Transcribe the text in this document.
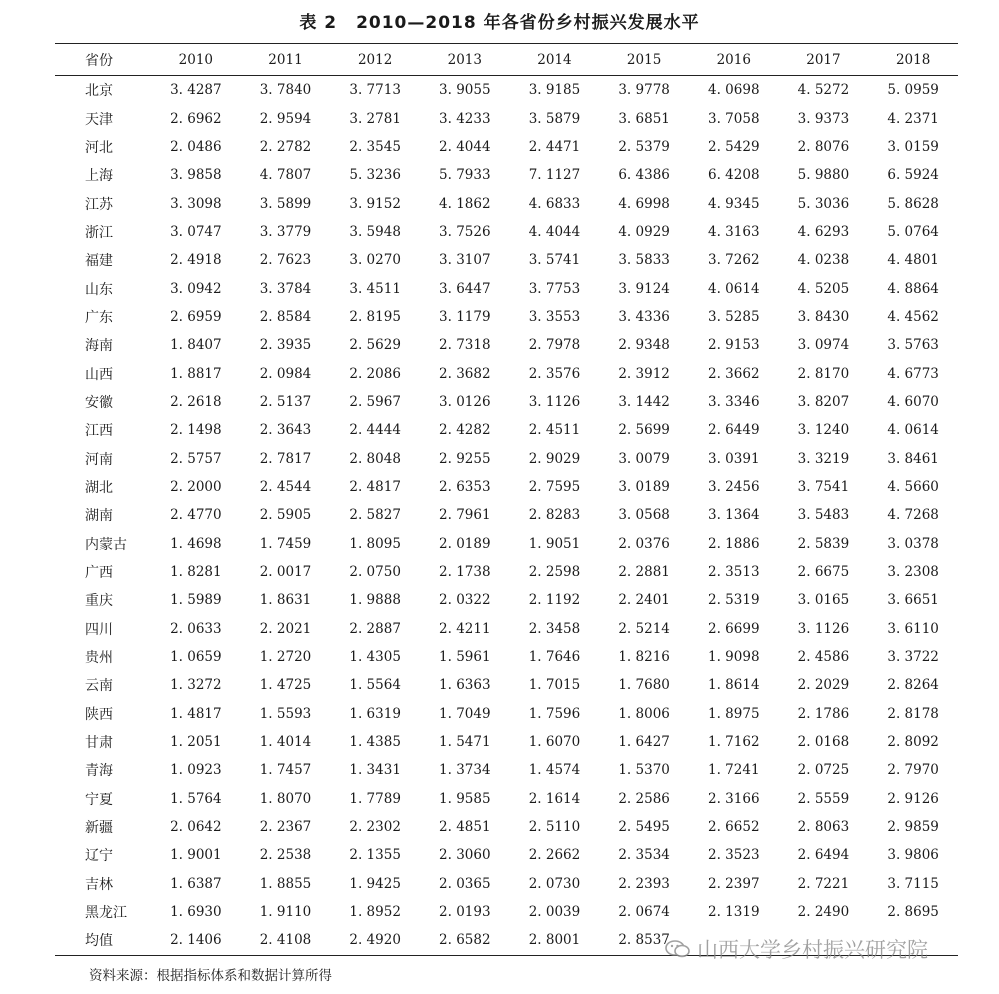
表 2 2010—2018 年各省份乡村振兴发展水平
省份	2010	2011	2012	2013	2014	2015	2016	2017	2018
北京	3. 4287	3. 7840	3. 7713	3. 9055	3. 9185	3. 9778	4. 0698	4. 5272	5. 0959
天津	2. 6962	2. 9594	3. 2781	3. 4233	3. 5879	3. 6851	3. 7058	3. 9373	4. 2371
河北	2. 0486	2. 2782	2. 3545	2. 4044	2. 4471	2. 5379	2. 5429	2. 8076	3. 0159
上海	3. 9858	4. 7807	5. 3236	5. 7933	7. 1127	6. 4386	6. 4208	5. 9880	6. 5924
江苏	3. 3098	3. 5899	3. 9152	4. 1862	4. 6833	4. 6998	4. 9345	5. 3036	5. 8628
浙江	3. 0747	3. 3779	3. 5948	3. 7526	4. 4044	4. 0929	4. 3163	4. 6293	5. 0764
福建	2. 4918	2. 7623	3. 0270	3. 3107	3. 5741	3. 5833	3. 7262	4. 0238	4. 4801
山东	3. 0942	3. 3784	3. 4511	3. 6447	3. 7753	3. 9124	4. 0614	4. 5205	4. 8864
广东	2. 6959	2. 8584	2. 8195	3. 1179	3. 3553	3. 4336	3. 5285	3. 8430	4. 4562
海南	1. 8407	2. 3935	2. 5629	2. 7318	2. 7978	2. 9348	2. 9153	3. 0974	3. 5763
山西	1. 8817	2. 0984	2. 2086	2. 3682	2. 3576	2. 3912	2. 3662	2. 8170	4. 6773
安徽	2. 2618	2. 5137	2. 5967	3. 0126	3. 1126	3. 1442	3. 3346	3. 8207	4. 6070
江西	2. 1498	2. 3643	2. 4444	2. 4282	2. 4511	2. 5699	2. 6449	3. 1240	4. 0614
河南	2. 5757	2. 7817	2. 8048	2. 9255	2. 9029	3. 0079	3. 0391	3. 3219	3. 8461
湖北	2. 2000	2. 4544	2. 4817	2. 6353	2. 7595	3. 0189	3. 2456	3. 7541	4. 5660
湖南	2. 4770	2. 5905	2. 5827	2. 7961	2. 8283	3. 0568	3. 1364	3. 5483	4. 7268
内蒙古	1. 4698	1. 7459	1. 8095	2. 0189	1. 9051	2. 0376	2. 1886	2. 5839	3. 0378
广西	1. 8281	2. 0017	2. 0750	2. 1738	2. 2598	2. 2881	2. 3513	2. 6675	3. 2308
重庆	1. 5989	1. 8631	1. 9888	2. 0322	2. 1192	2. 2401	2. 5319	3. 0165	3. 6651
四川	2. 0633	2. 2021	2. 2887	2. 4211	2. 3458	2. 5214	2. 6699	3. 1126	3. 6110
贵州	1. 0659	1. 2720	1. 4305	1. 5961	1. 7646	1. 8216	1. 9098	2. 4586	3. 3722
云南	1. 3272	1. 4725	1. 5564	1. 6363	1. 7015	1. 7680	1. 8614	2. 2029	2. 8264
陕西	1. 4817	1. 5593	1. 6319	1. 7049	1. 7596	1. 8006	1. 8975	2. 1786	2. 8178
甘肃	1. 2051	1. 4014	1. 4385	1. 5471	1. 6070	1. 6427	1. 7162	2. 0168	2. 8092
青海	1. 0923	1. 7457	1. 3431	1. 3734	1. 4574	1. 5370	1. 7241	2. 0725	2. 7970
宁夏	1. 5764	1. 8070	1. 7789	1. 9585	2. 1614	2. 2586	2. 3166	2. 5559	2. 9126
新疆	2. 0642	2. 2367	2. 2302	2. 4851	2. 5110	2. 5495	2. 6652	2. 8063	2. 9859
辽宁	1. 9001	2. 2538	2. 1355	2. 3060	2. 2662	2. 3534	2. 3523	2. 6494	3. 9806
吉林	1. 6387	1. 8855	1. 9425	2. 0365	2. 0730	2. 2393	2. 2397	2. 7221	3. 7115
黑龙江	1. 6930	1. 9110	1. 8952	2. 0193	2. 0039	2. 0674	2. 1319	2. 2490	2. 8695
均值	2. 1406	2. 4108	2. 4920	2. 6582	2. 8001	2. 8537			
资料来源：根据指标体系和数据计算所得
山西大学乡村振兴研究院
